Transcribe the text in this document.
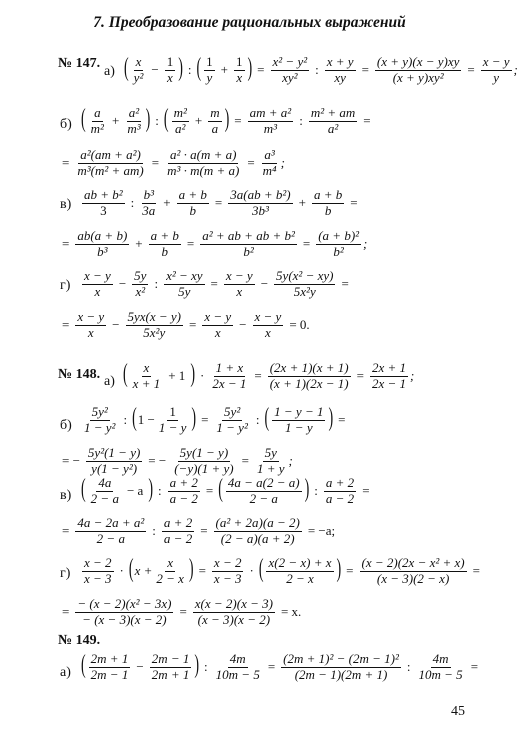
7. Преобразование рациональных выражений
№ 147.
№ 148.
№ 149.
а)
б)
в)
г)
а)
б)
в)
г)
а)
( $\frac{x}{\text{y²}} - \frac{1}{x}$ ) : ( $\frac{1}{y} + \frac{1}{x}$ ) = $\frac{\text{x² − y²}}{\text{xy²}}$ : $\frac{x + y}{xy} = \frac{(x + y)(x - y)xy}{\text{(x + y)xy²}} = \frac{x - y}{y}$ ;
( $\frac{a}{\text{m²}} + \frac{\text{a²}}{\text{m³}}$ ) : ( $\frac{\text{m²}}{\text{a²}} + \frac{m}{a}$ ) = $\frac{\text{am + a²}}{\text{m³}}$ : $\frac{\text{m² + am}}{\text{a²}}$ =
= $\frac{\text{a²(am + a²)}}{\text{m³(m² + am)}} = \frac{\text{a² · a(m + a)}}{\text{m³ · m(m + a)}} = \frac{\text{a³}}{\text{m⁴}}$ ;
$\frac{\text{ab + b²}}{3}$ : $\frac{\text{b³}}{3a} + \frac{a + b}{b} = \frac{\text{3a(ab + b²)}}{\text{3b³}} + \frac{a + b}{b}$ =
= $\frac{ab(a + b)}{\text{b³}} + \frac{a + b}{b} = \frac{\text{a² + ab + ab + b²}}{\text{b²}} = \frac{\text{(a + b)²}}{\text{b²}}$ ;
$\frac{x - y}{x} - \frac{5y}{\text{x²}}$ : $\frac{\text{x² − xy}}{5y} = \frac{x - y}{x} - \frac{\text{5y(x² − xy)}}{\text{5x²y}}$ =
= $\frac{x - y}{x} - \frac{5yx(x - y)}{\text{5x²y}} = \frac{x - y}{x} - \frac{x - y}{x} = 0$.
( $\frac{x}{x + 1} + 1$ ) · $\frac{1 + x}{2x - 1} = \frac{(2x + 1)(x + 1)}{(x + 1)(2x - 1)} = \frac{2x + 1}{2x - 1}$ ;
$\frac{\text{5y²}}{\text{1 − y²}}$ : ( $1 - \frac{1}{1 - y}$ ) = $\frac{\text{5y²}}{\text{1 − y²}}$ : ( $\frac{1 - y - 1}{1 - y}$ ) =
= − $\frac{\text{5y²(1 − y)}}{\text{y(1 − y²)}}$ = − $\frac{5y(1 - y)}{(-y)(1 + y)} = \frac{5y}{1 + y}$ ;
( $\frac{4a}{2 - a} - a$ ) : $\frac{a + 2}{a - 2}$ = ( $\frac{4a - a(2 - a)}{2 - a}$ ) : $\frac{a + 2}{a - 2}$ =
= $\frac{\text{4a − 2a + a²}}{2 - a}$ : $\frac{a + 2}{a - 2} = \frac{\text{(a² + 2a)(a − 2)}}{(2 - a)(a + 2)} = -a$;
$\frac{x - 2}{x - 3}$ · ( $x + \frac{x}{2 - x}$ ) = $\frac{x - 2}{x - 3}$ · ( $\frac{x(2 - x) + x}{2 - x}$ ) = $\frac{\text{(x − 2)(2x − x² + x)}}{(x - 3)(2 - x)}$ =
= $\frac{\text{− (x − 2)(x² − 3x)}}{- (x - 3)(x - 2)} = \frac{x(x - 2)(x - 3)}{(x - 3)(x - 2)} = x$.
( $\frac{2m + 1}{2m - 1} - \frac{2m - 1}{2m + 1}$ ) : $\frac{4m}{10m - 5} = \frac{\text{(2m + 1)² − (2m − 1)²}}{(2m - 1)(2m + 1)}$ : $\frac{4m}{10m - 5}$ =
45
